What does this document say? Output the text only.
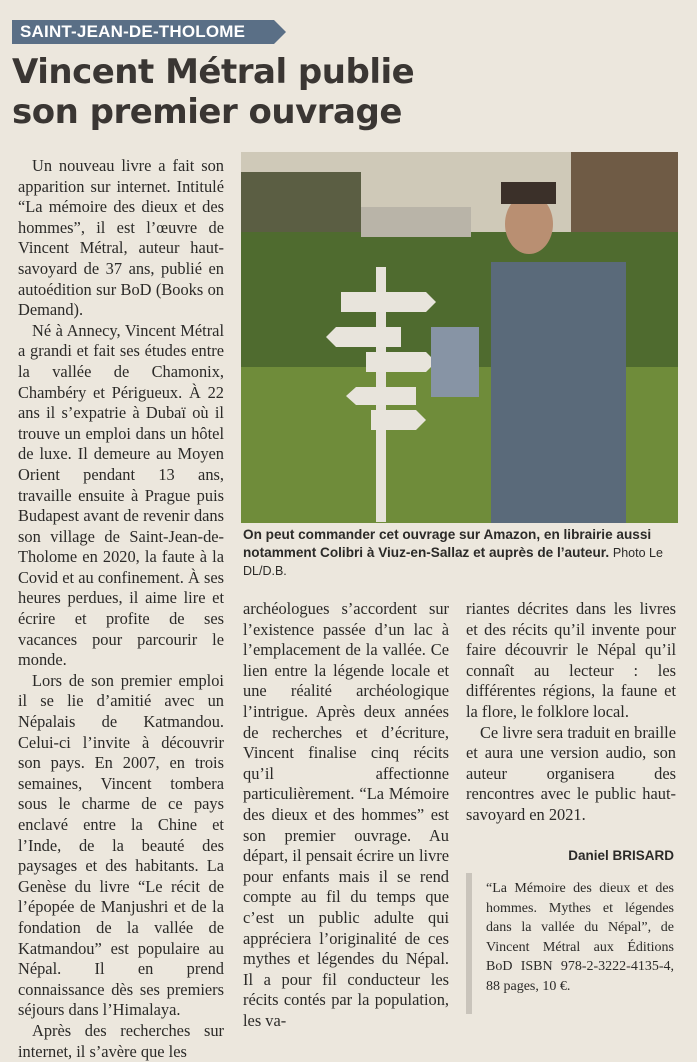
SAINT-JEAN-DE-THOLOME
Vincent Métral publie
son premier ouvrage

Un nouveau livre a fait son apparition sur internet. Intitulé “La mémoire des dieux et des hommes”, il est l’œuvre de Vincent Métral, auteur haut-savoyard de 37 ans, publié en autoédition sur BoD (Books on Demand).

Né à Annecy, Vincent Métral a grandi et fait ses études entre la vallée de Chamonix, Chambéry et Périgueux. À 22 ans il s’expatrie à Dubaï où il trouve un emploi dans un hôtel de luxe. Il demeure au Moyen Orient pendant 13 ans, travaille ensuite à Prague puis Budapest avant de revenir dans son village de Saint-Jean-de-Tholome en 2020, la faute à la Covid et au confinement. À ses heures perdues, il aime lire et écrire et profite de ses vacances pour parcourir le monde.

Lors de son premier emploi il se lie d’amitié avec un Népalais de Katmandou. Celui-ci l’invite à découvrir son pays. En 2007, en trois semaines, Vincent tombera sous le charme de ce pays enclavé entre la Chine et l’Inde, de la beauté des paysages et des habitants. La Genèse du livre “Le récit de l’épopée de Manjushri et de la fondation de la vallée de Katmandou” est populaire au Népal. Il en prend connaissance dès ses premiers séjours dans l’Himalaya.

Après des recherches sur internet, il s’avère que les

On peut commander cet ouvrage sur Amazon, en librairie aussi notamment Colibri à Viuz-en-Sallaz et auprès de l’auteur. Photo Le DL/D.B.

archéologues s’accordent sur l’existence passée d’un lac à l’emplacement de la vallée. Ce lien entre la légende locale et une réalité archéologique l’intrigue. Après deux années de recherches et d’écriture, Vincent finalise cinq récits qu’il affectionne particulièrement. “La Mémoire des dieux et des hommes” est son premier ouvrage. Au départ, il pensait écrire un livre pour enfants mais il se rend compte au fil du temps que c’est un public adulte qui appréciera l’originalité de ces mythes et légendes du Népal. Il a pour fil conducteur les récits contés par la population, les va-

riantes décrites dans les livres et des récits qu’il invente pour faire découvrir le Népal qu’il connaît au lecteur : les différentes régions, la faune et la flore, le folklore local.

Ce livre sera traduit en braille et aura une version audio, son auteur organisera des rencontres avec le public haut-savoyard en 2021.

Daniel BRISARD
“La Mémoire des dieux et des hommes. Mythes et légendes dans la vallée du Népal”, de Vincent Métral aux Éditions BoD ISBN 978-2-3222-4135-4, 88 pages, 10 €.
